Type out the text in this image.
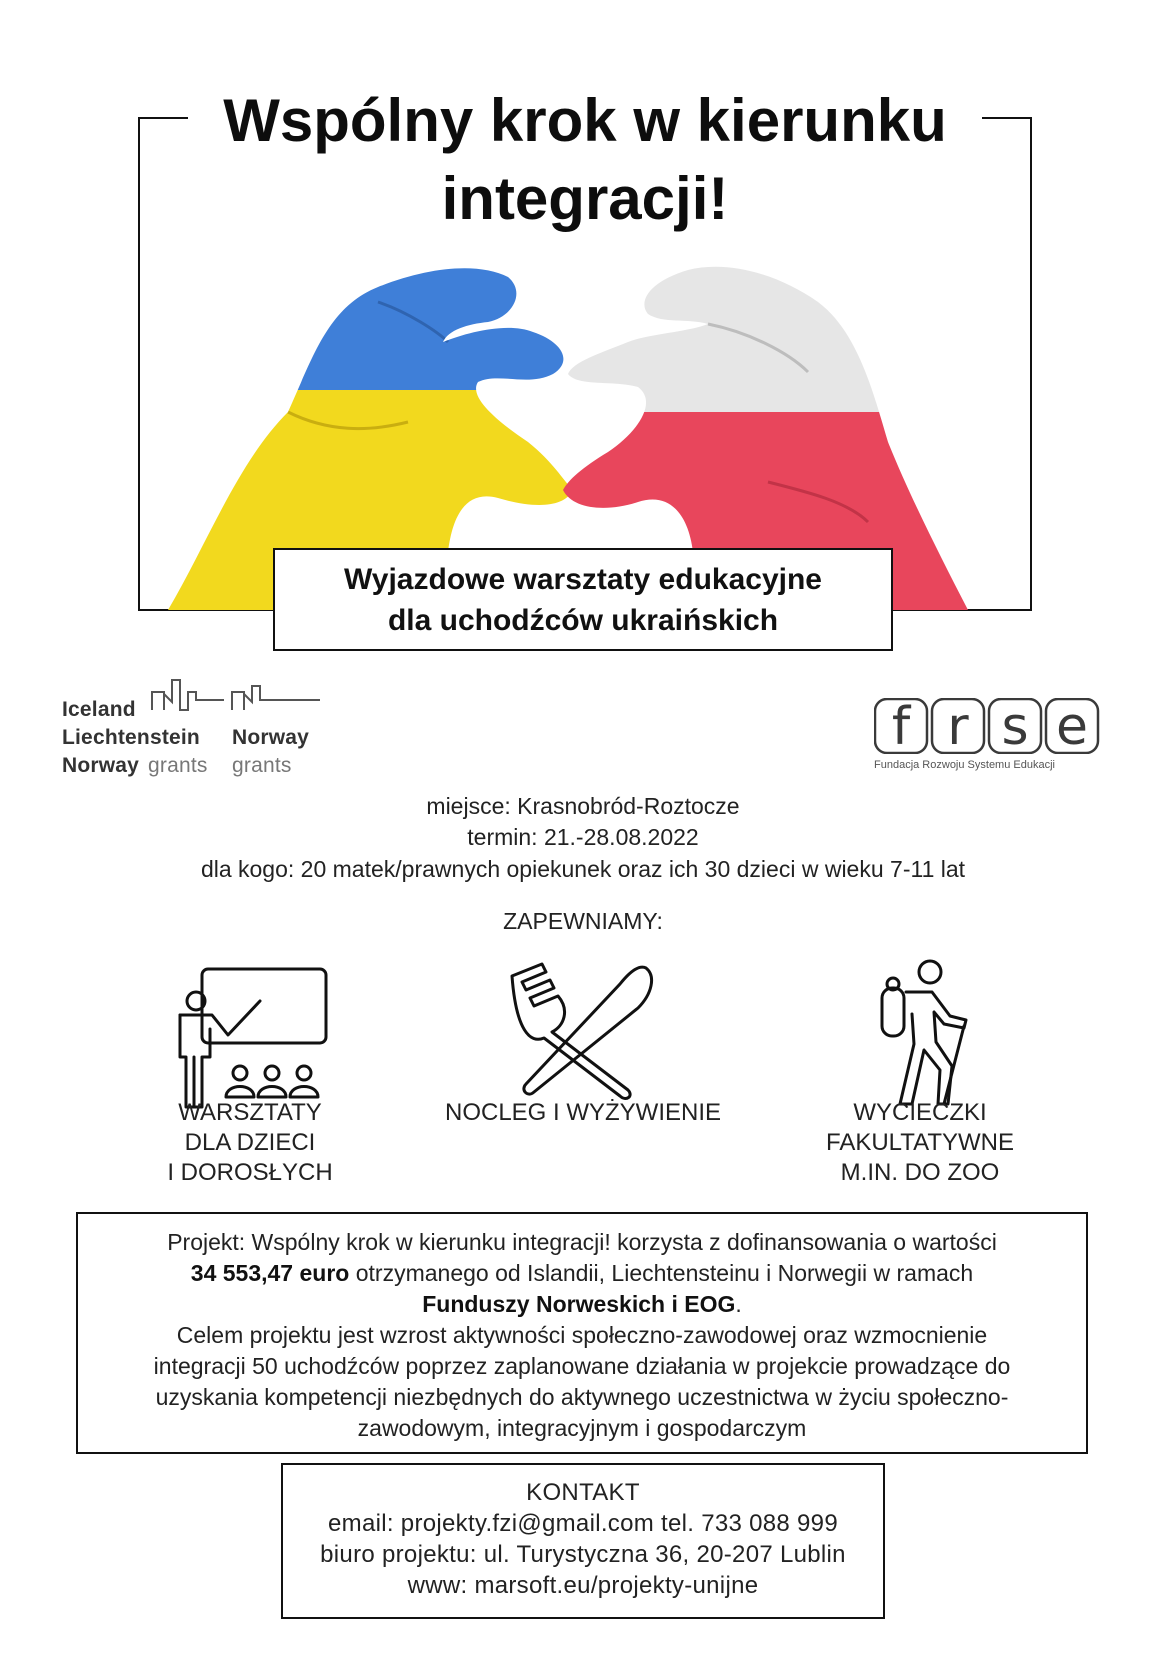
Wspólny krok w kierunku
integracji!
Wyjazdowe warsztaty edukacyjne
dla uchodźców ukraińskich
Iceland
Liechtenstein
Norway grants
Norway
grants
f r s e
Fundacja Rozwoju Systemu Edukacji
miejsce: Krasnobród-Roztocze
termin: 21.-28.08.2022
dla kogo: 20 matek/prawnych opiekunek oraz ich 30 dzieci w wieku 7-11 lat
ZAPEWNIAMY:
WARSZTATY
DLA DZIECI
I DOROSŁYCH
NOCLEG I WYŻYWIENIE	WYCIECZKI
FAKULTATYWNE
M.IN. DO ZOO
Projekt: Wspólny krok w kierunku integracji! korzysta z dofinansowania o wartości
34 553,47 euro otrzymanego od Islandii, Liechtensteinu i Norwegii w ramach
Funduszy Norweskich i EOG.
Celem projektu jest wzrost aktywności społeczno-zawodowej oraz wzmocnienie
integracji 50 uchodźców poprzez zaplanowane działania w projekcie prowadzące do
uzyskania kompetencji niezbędnych do aktywnego uczestnictwa w życiu społeczno-
zawodowym, integracyjnym i gospodarczym
KONTAKT
email: projekty.fzi@gmail.com tel. 733 088 999
biuro projektu: ul. Turystyczna 36, 20-207 Lublin
www: marsoft.eu/projekty-unijne
